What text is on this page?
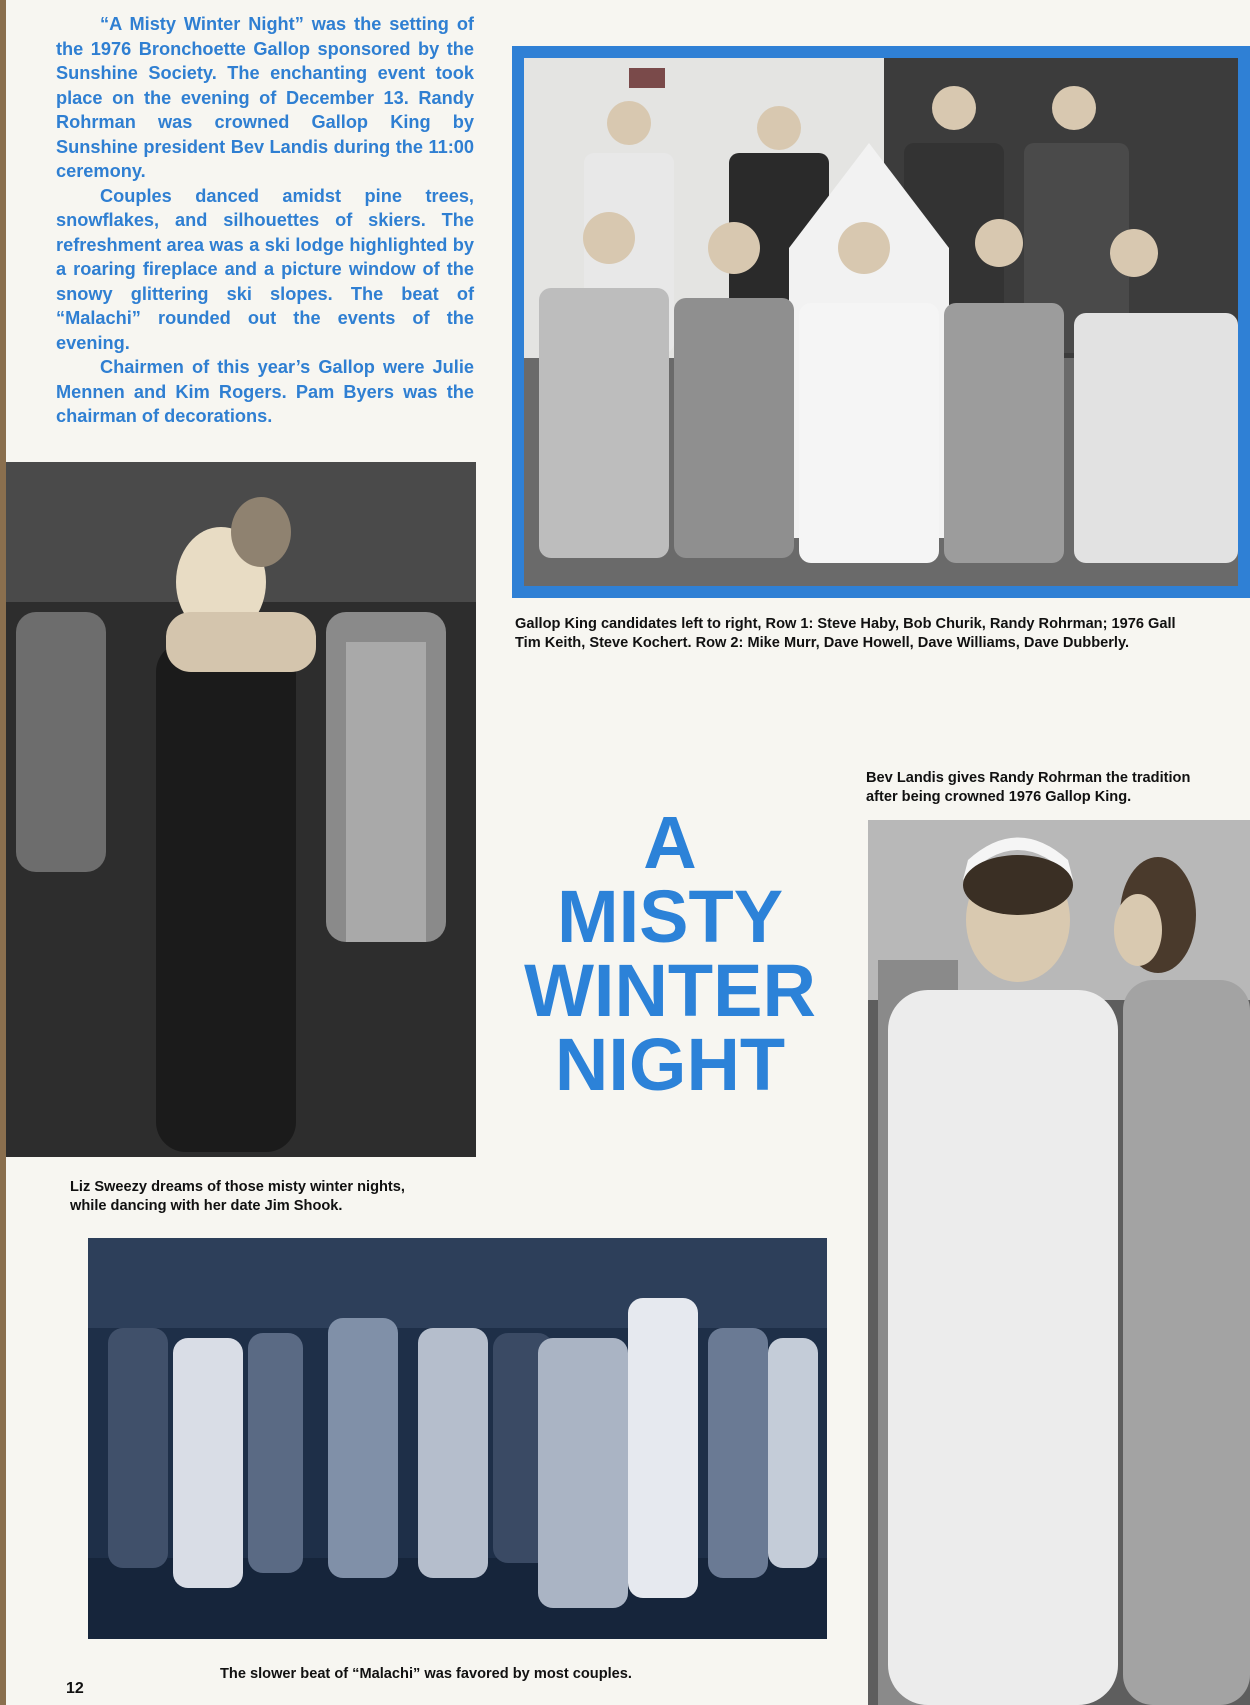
“A Misty Winter Night” was the setting of the 1976 Bronchoette Gallop sponsored by the Sunshine Society. The enchanting event took place on the evening of December 13. Randy Rohrman was crowned Gallop King by Sunshine president Bev Landis during the 11:00 ceremony.

Couples danced amidst pine trees, snowflakes, and silhouettes of skiers. The refreshment area was a ski lodge highlighted by a roaring fireplace and a picture window of the snowy glittering ski slopes. The beat of “Malachi” rounded out the events of the evening.

Chairmen of this year’s Gallop were Julie Mennen and Kim Rogers. Pam Byers was the chairman of decorations.

Gallop King candidates left to right, Row 1: Steve Haby, Bob Churik, Randy Rohrman; 1976 Gall

Tim Keith, Steve Kochert. Row 2: Mike Murr, Dave Howell, Dave Williams, Dave Dubberly.

Liz Sweezy dreams of those misty winter nights,

while dancing with her date Jim Shook.

A
MISTY
WINTER
NIGHT

Bev Landis gives Randy Rohrman the tradition

after being crowned 1976 Gallop King.

The slower beat of “Malachi” was favored by most couples.

12
